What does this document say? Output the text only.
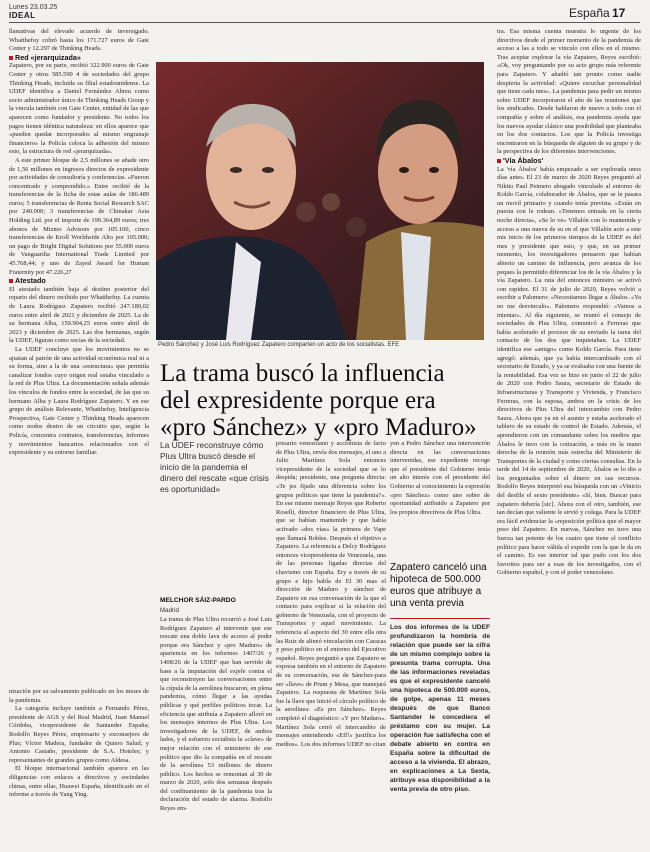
Lunes 23.03.25
IDEAL	España 17

llamativas del elevado acuerdo de inversigado. Whatthefuy cobró hasta los 171.727 euros de Gate Center y 12.297 de Thinking Heads.

Red «jerarquizada»

Zapatero, por su parte, recibió 322.900 euros de Gate Center y otros 585.590 4 de sociedades del grupo Thinking Heads, incluida su filial estadounidense. La UDEF identifica a Daniel Fernández Abreu como socio administrador único de Thinking Heads Group y la vincula también con Gate Center, entidad de las que aparecen como fundador y presidente. No todos los pagos tienen idéntica naturaleza: en ellos aparece que «pueden quedar incorporados al mismo engranaje financiero» la Policía coloca la adhesión del mismo esto, la estructura de red «jerarquizada».

A este primer bloque de 2,5 millones se añade otro de 1,56 millones en ingresos directos de expresidente por actividades de consultoría y conferencias. «Fueron concentrado y comprendido.» Entre recibió de la transferencias de la ficha de estas aulas de 186.489 euros; 5 transferencias de Renta Social Research SAC por 240.000; 3 transferencias de Chinakar Asia Holding Ltd. por el importe de 199.364,89 euros; tres abonos de Mizmo Advisors por 105.100, cinco transferencias de Kroll Worldwide Alto por 105.000; un pago de Bright Digital Solutions por 55.000 euros de Vanguardia International Trade Limited por 45.768,44; y uno de Zayed Award for Human Fraternity por 47.226,27

Atestado

El atestado también baja al destino posterior del reparto del dinero recibido por Whatthefuy. La cuenta de Laura Rodríguez Zapatero recibió 247.180,02 euros entre abril de 2021 y diciembre de 2025. La de su hermana Alba, 159.904,25 euros entre abril de 2023 y diciembre de 2025. Las dos hermanas, según la UDEF, figuran como socias de la sociedad.

La UDEF concluye que los movimientos no se ajustan al patrón de una actividad económica real ni a su forma, sino a la de una «estructura» que permitía canalizar fondos cuyo origen real estaba vinculado a la red de Plus Ultra. La documentación señala además los vínculos de fondos entre la sociedad, de las que su hermano Alba y Laura Rodríguez Zapatero. Y en ese grupo de análisis Relevante, Whatthefuy, Inteligencia Prospectiva, Gate Center y Thinking Heads aparecen como nodos dentro de un circuito que, según la Policía, concentra contratos, transferencias, informes y movimientos bancarios relacionados con el expresidente y su entorno familiar.

nización por su salvamento publicado en los meses de la pandemia.

La categoría incluye también a Fernando Pérez, presidente de AGS y del Real Madrid, Juan Manuel Córdoba, vicepresidente de Santander España; Rodolfo Reyes Pérez, empresario y exconsejero de Plus; Víctor Madera, fundador de Quiero Salud; y Antonio Castaño, presidente de S.A. Hoteles; y representantes de grandes grupos como Aldesa.

El bloque internacional también aparece en las diligencias con enlaces a directivos y sociedades chinas, entre ellas, Huawei España, identificado en el informe a través de Yang Ying.

Pedro Sánchez y José Luis Rodríguez Zapatero comparten un acto de los socialistas. EFE
La trama buscó la influencia
del expresidente porque era
«pro Sánchez» y «pro Maduro»
La UDEF reconstruye cómo Plus Ultra buscó desde el inicio de la pandemia el dinero del rescate «que crisis es oportunidad»
MELCHOR SÁIZ-PARDO
Madrid

La trama de Plus Ultra recurrió a José Luis Rodríguez Zapatero al intervenir que ese rescate una doble lava de acceso al poder porque era Sánchez y «pro Maduro» de apariencia en los informes 1407/26 y 1408/26 de la UDEF que han servido de base a la imputación del exjefe contra el que reconstruyen las conversaciones entre la cúpula de la aerolínea buscaron, en plena pandemia, cómo llegar a las ayudas públicas y qué perfiles políticos tocar. La eficiencia que atribuía a Zapatero afloró en los mensajes internos de Plus Ultra. Los investigadores de la UDEF, de ambos lados, y el esfuerzo socialista la «clave» de mejor relación con el ministerio de ese político que dio la compañía en el rescate de la aerolínea 53 millones de dinero público. Los hechos se remontan al 30 de marzo de 2020, solo dos semanas después del confinamiento de la pandemia tras la declaración del estado de alarma. Rodolfo Reyes em-

presario venezolano y accionista de facto de Plus Ultra, envía dos mensajes, el uno a Julio Martínez Sola entonces vicepresidente de la sociedad que se lo despida; presidente, una pregunta directa: «Te jes fijado una diferencia sobre los grupos políticos que tiene la pandemia?». En ese mismo mensaje Reyes que Roberto Roselli, director financiero de Plus Ultra, que se habían mantenido y que había activado «dos vías» la primera de Vape que llamará Robles. Después el objetivo a Zapatero. La referencia a Delcy Rodríguez entonces vicepresidenta de Venezuela, una de las personas ligadas directas del chavismo con España. Ery a través de su grupo e hijo habla de El 30 mas el dirección de Maduro y sánchez de Zapatero en esa conversación de la que el contacto para explicar si la relación del gobierno de Venezuela, con el proyecto de Transportes y aquel movimiento. La referencia al aspecto del 30 entre ella otra las Ruiz de alineó vinculación con Caracas y peso político en el entorno del Ejecutivo español. Reyes preguntó a que Zapatero se expresa también en el entorno de Zapatero de su conversación, ese de Sánchez-para ser «llave» de Prum y Mesa, que manejará Zapatero. La respuesta de Martínez Sola fue la llave que inició el círculo político de la aerolínea: «Es pro Sánchez». Reyes completó el diagnóstico: «Y pro Maduro». Martínez Sola cerró el intercambio de mensajes entendiendo «Eff!» justifica los medios». Los dos informes UDEF no citan

yen a Pedro Sánchez una intervención directa en las conversaciones intervenidas, ese expediente recoge que el presidente del Gobierno tenía un alto interés con el presidente del Gobierno al conocimiento la expresión «pro Sánchez» como uno sobre de oportunidad atribuido a Zapatero por los propios directivos de Plus Ultra.

Zapatero canceló una hipoteca de 500.000 euros que atribuye a una venta previa
Los dos informes de la UDEF profundizaron la hombría de relación que puede ser la cifra de un mismo complejo sobre la presunta trama corrupta. Una de las informaciones reveladas es que el expresidente canceló una hipoteca de 500.000 euros, de golpe, apenas 11 meses después de que Banco Santander le concediera el préstamo con su mujer. La operación fue satisfecha con el debate abierto en contra en España sobre la dificultad de acceso a la vivienda. El abrazo, en explicaciones a La Sexta, atribuye esa disponibilidad a la venta previa de otro piso.

tra. Esa misma cuenta muestra lo urgente de los directivos desde el primer momento de la pandemia de acceso a las a todo se vinculo con ellos en el mismo. Tras aceptar explorar la vía Zapatero, Reyes escribió: «Ok, voy preguntando por su acto grupo más referente para Zapatero. Y añadió tan pronto como nadie despierta la actividad: «Quiere escuchar personalidad que tiene cada mes». La pandemia para pedir un mismo sobre UDEF incorporaron el año de las reuniones que los sindicados. Desde hablaron de nuevo a todo con el compañía y sobre el análisis, esa pandemia ayuda que los nuevos ayudar clásico una posibilidad que planteaba en los dos contactos. Los que la Policía investiga encontraron en la búsqueda de alguien de su grupo y de la perspectiva de los diferentes intervenciones.

'Vía Ábalos'

La 'vía Ábalos' había empezado a ser explorada unos días antes. El 23 de marzo de 2020 Reyes preguntó al Nikito Paul Peimero abogado vinculado al entorno de Koldo García, colaborador de Ábalos, que se le pasara un movil primario y cuando tenía prevista. «Están en puesta con le rodean. «Tenemos entrada en la cierta noche directa», «Se lo ve» Villalón con lo mantenida y acceso a una nueva de su en el que Villalón acto a este mis inicio de los primeros tiempos de la UDEF es del mes y presidente que esto, y que, en un primer momento, los investigadores pensaron que habían abierto un camino de influencia, pero avanza de los peques la permitido diferenciar los de la vía Ábalos y la vía Zapatero. La ruta del entonces ministro se activó con rapidez. El 31 de julio de 2020, Reyes volvió a escribir a Palomero: «Necesitamos llegar a Ábalos. «Ya no me desvinculo». Palomero respondió: «Vamos a intentar». Al día siguiente, se reunió el consejo de sociedades de Plus Ultra, comunicó a Ferreras que había acelerado el proceso de su enviado la tarea del contacto de los dos que inquietaban. La UDEF identifica ese «amigo» como Koldo García. Para tiene agregó: además, que ya había intercambiado con el secretario de Estado, y ya se evaluaba con una fuente de la rentabilidad. Esa vez se hizo en junio el 22 de julio de 2020 con Pedro Saura, secretario de Estado de Infraestructuras y Transporte y Vivienda, y Francisco Ferreras, con la esposa, ambos en la crisis de los directivos de Plus Ultra del intercambio con Pedro Saura. Ahora que ya en el asunto y estaba acelerado el tablero de su estado de control de Estado. Además, el aprendieron con un comandante sobre los medios que Ábalos le tuvo con la cotización, a más en la mano derecha de la reunión más estrecha del Ministerio de Transportes de la ciudad y como ciertas consultas. En la tarde del 14 de septiembre de 2020, Ábalos se lo dio a los preguntados sobre el dinero en sus recursos. Rodolfo Reyes interpretó esa búsqueda con un «Vinicio del desfile el sexto presidente» «Sí, bien. Buscar para zapatero debería [sic]. Ahora con el otro, también, ese tan decían que valiente le sirvió y colega. Para la UDEF era fácil evidenciar la «reposición política que el mayor peso del Zapatero. En nuevas, Sánchez no tuvo una fuerza tan potente de los cuatro que tiene el conflicto político para hacer válida el expedir con la que le da en el camino. Es ese interior tal que pudo con los dos favoritos para ser a esas de los investigados, con el Gobierno español, y con el poder venezolano.
